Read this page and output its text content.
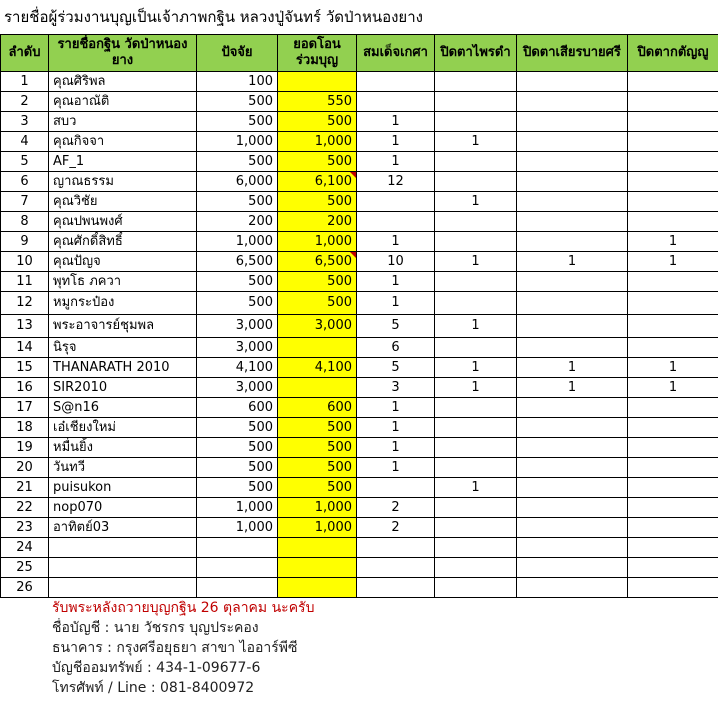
รายชื่อผู้ร่วมงานบุญเป็นเจ้าภาพกฐิน หลวงปู่จันทร์ วัดป่าหนองยาง
ลำดับ	รายชื่อกฐิน วัดป่าหนองยาง	ปัจจัย	ยอดโอนร่วมบุญ	สมเด็จเกศา	ปิดตาไพรดำ	ปิดตาเสียรบายศรี	ปิดตากตัญญู
1	คุณศิริพล	100					
2	คุณอาณัติ	500	550				
3	สบว	500	500	1			
4	คุณกิจจา	1,000	1,000	1	1		
5	AF_1	500	500	1			
6	ญาณธรรม	6,000	6,100	12			
7	คุณวิชัย	500	500		1		
8	คุณปพนพงศ์	200	200				
9	คุณศักดิ์สิทธิ์	1,000	1,000	1			1
10	คุณปัญจ	6,500	6,500	10	1	1	1
11	พุทโธ ภควา	500	500	1			
12	หมูกระป๋อง	500	500	1			
13	พระอาจารย์ชุมพล	3,000	3,000	5	1		
14	นิรุจ	3,000		6			
15	THANARATH 2010	4,100	4,100	5	1	1	1
16	SIR2010	3,000		3	1	1	1
17	S@n16	600	600	1			
18	เอ๋เชียงใหม่	500	500	1			
19	หมื่นยิ้ง	500	500	1			
20	วันทวี	500	500	1			
21	puisukon	500	500		1		
22	nop070	1,000	1,000	2			
23	อาทิตย์03	1,000	1,000	2			
24							
25							
26							
	รับพระหลังถวายบุญกฐิน 26 ตุลาคม นะครับ
	ชื่อบัญชี : นาย วัชรกร บุญประคอง
	ธนาคาร : กรุงศรีอยุธยา สาขา ไออาร์พีซี
	บัญชีออมทรัพย์ : 434-1-09677-6
	โทรศัพท์ / Line : 081-8400972
